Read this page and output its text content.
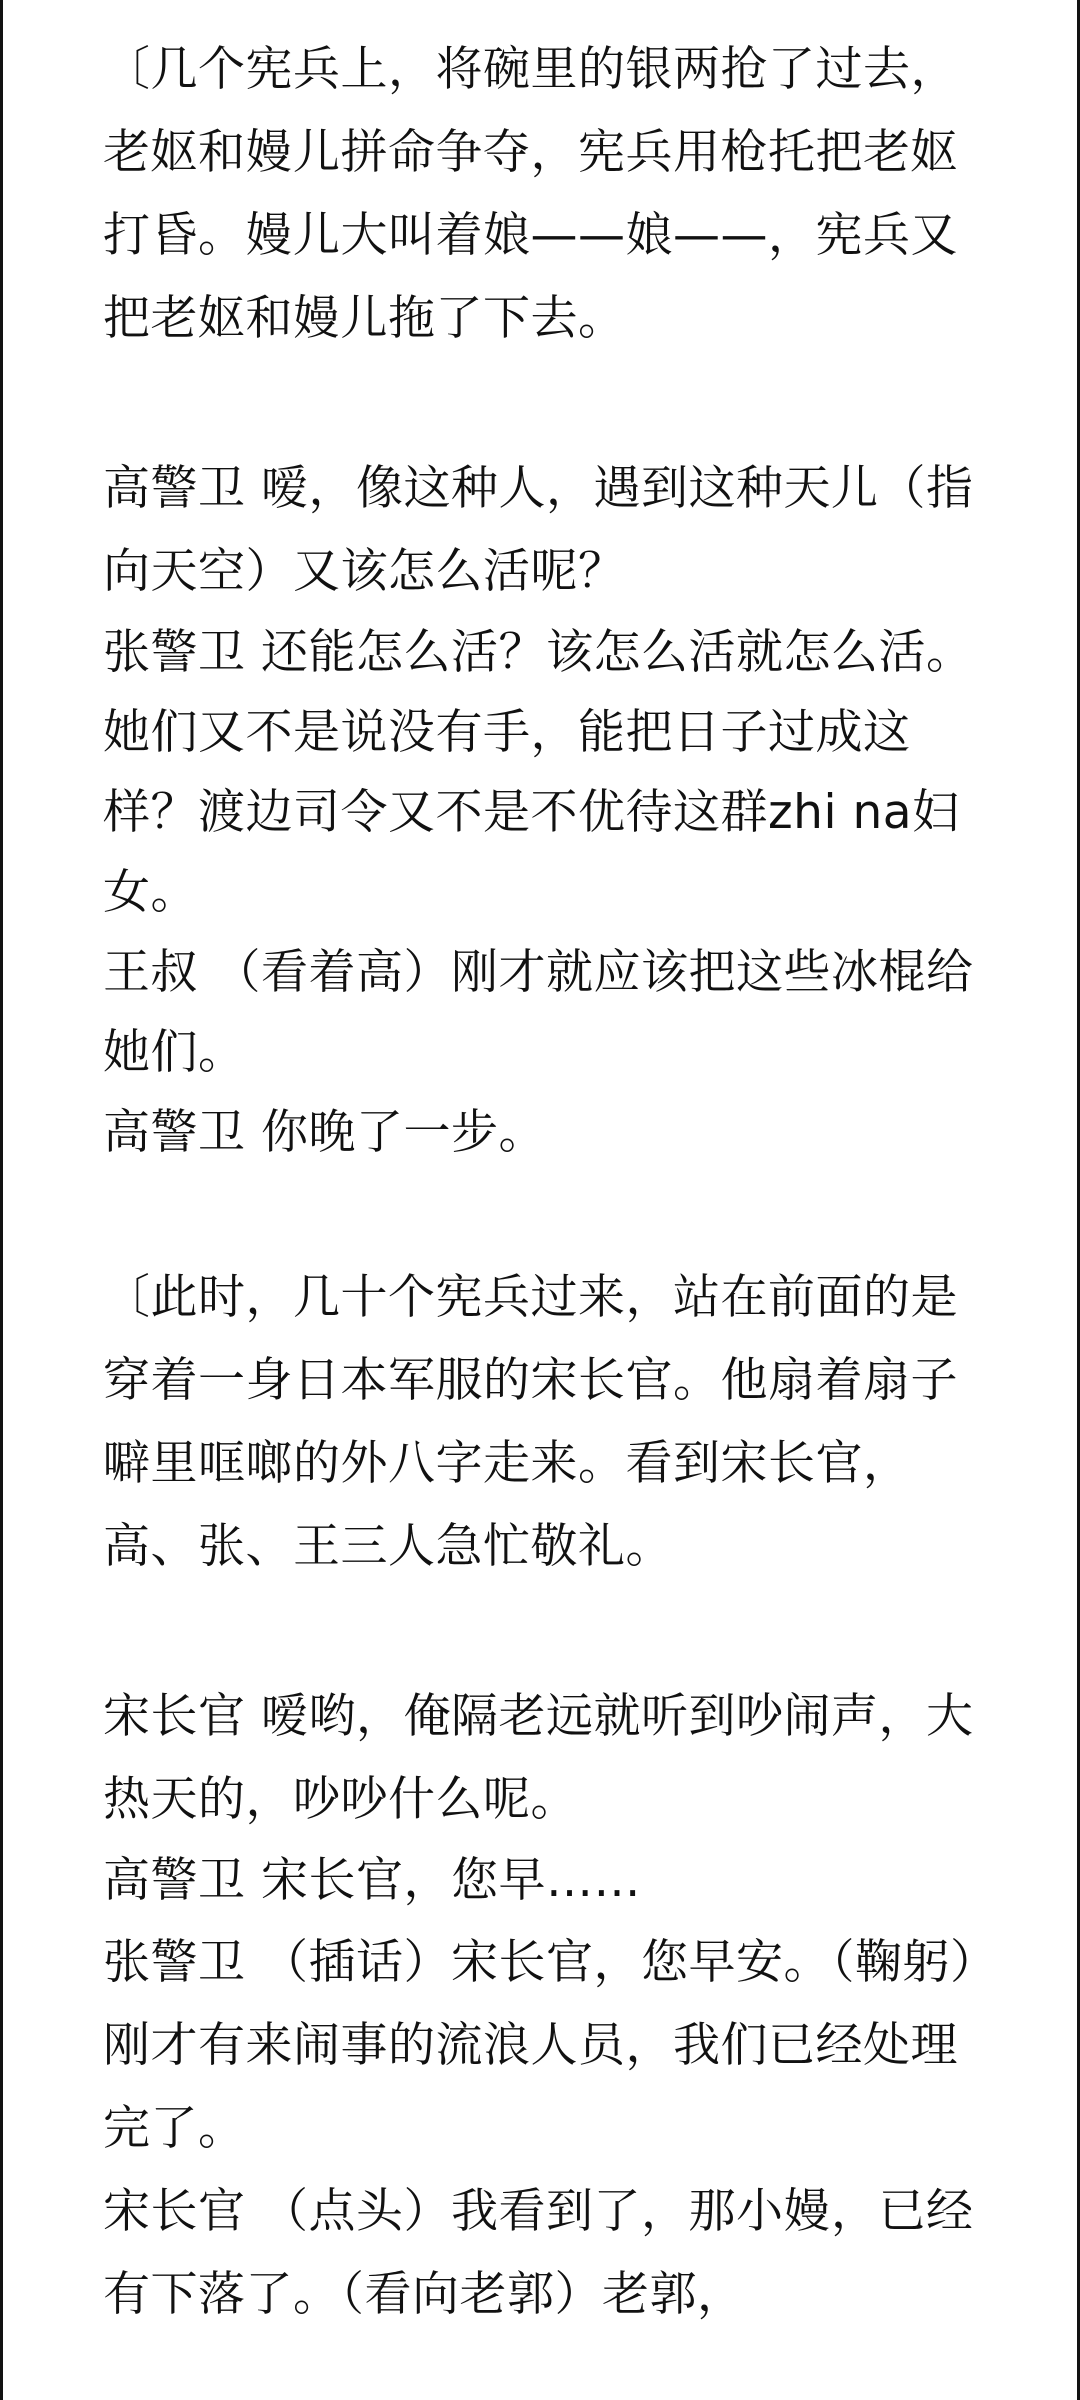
〔几个宪兵上，将碗里的银两抢了过去，老妪和嫚儿拼命争夺，宪兵用枪托把老妪打昏。嫚儿大叫着娘——娘——，宪兵又把老妪和嫚儿拖了下去。
高警卫 嗳，像这种人，遇到这种天儿（指向天空）又该怎么活呢？
张警卫 还能怎么活？该怎么活就怎么活。她们又不是说没有手，能把日子过成这样？渡边司令又不是不优待这群zhi na妇女。
王叔 （看着高）刚才就应该把这些冰棍给她们。
高警卫 你晚了一步。
〔此时，几十个宪兵过来，站在前面的是穿着一身日本军服的宋长官。他扇着扇子噼里哐啷的外八字走来。看到宋长官，高、张、王三人急忙敬礼。
宋长官 嗳哟，俺隔老远就听到吵闹声，大热天的，吵吵什么呢。
高警卫 宋长官，您早……
张警卫 （插话）宋长官，您早安。（鞠躬）刚才有来闹事的流浪人员，我们已经处理完了。
宋长官 （点头）我看到了，那小嫚，已经有下落了。（看向老郭）老郭，
